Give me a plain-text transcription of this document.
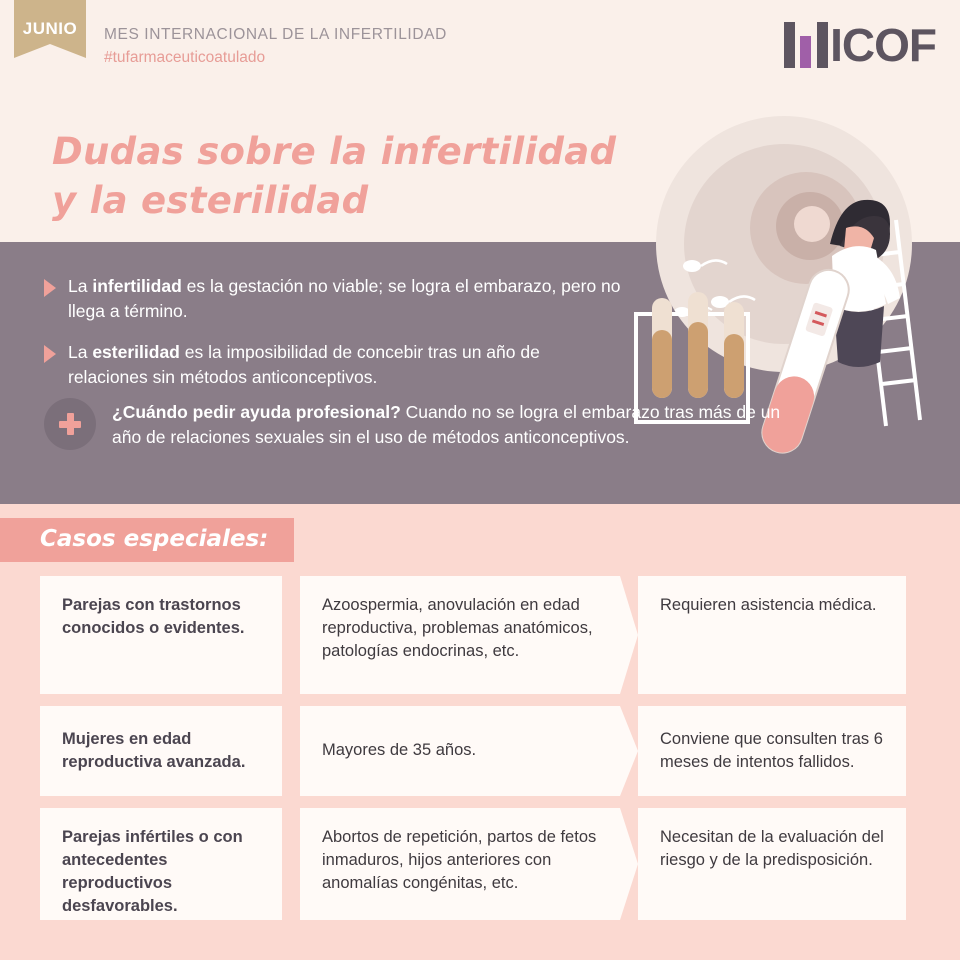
JUNIO	MES INTERNACIONAL DE LA INFERTILIDAD
#tufarmaceuticoatulado	ICOF
Dudas sobre la infertilidad
y la esterilidad

La infertilidad es la gestación no viable; se logra el embarazo, pero no llega a término.

La esterilidad es la imposibilidad de concebir tras un año de relaciones sin métodos anticonceptivos.

¿Cuándo pedir ayuda profesional? Cuando no se logra el embarazo tras más de un año de relaciones sexuales sin el uso de métodos anticonceptivos.

Casos especiales:
Parejas con trastornos conocidos o evidentes.
Azoospermia, anovulación en edad reproductiva, problemas anatómicos, patologías endocrinas, etc.
Requieren asistencia médica.
Mujeres en edad reproductiva avanzada.
Mayores de 35 años.
Conviene que consulten tras 6 meses de intentos fallidos.
Parejas infértiles o con antecedentes reproductivos desfavorables.
Abortos de repetición, partos de fetos inmaduros, hijos anteriores con anomalías congénitas, etc.
Necesitan de la evaluación del riesgo y de la predisposición.
